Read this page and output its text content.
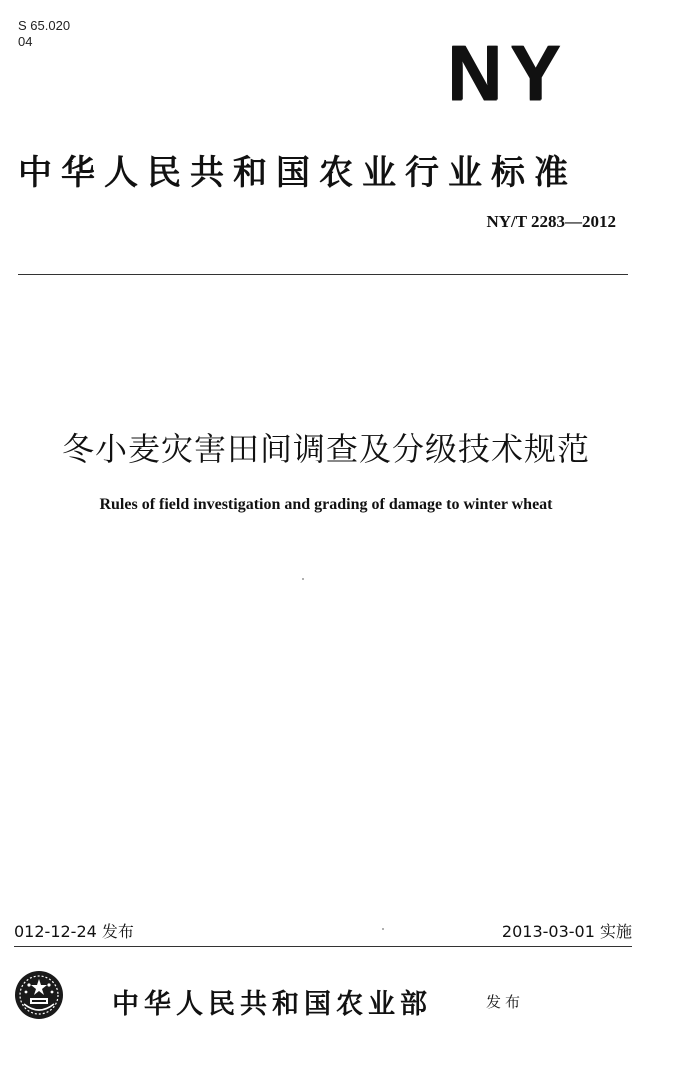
S 65.020
04	NY
中华人民共和国农业行业标准
NY/T 2283—2012
冬小麦灾害田间调查及分级技术规范
Rules of field investigation and grading of damage to winter wheat
012-12-24 发布	2013-03-01 实施
中华人民共和国农业部	发布
